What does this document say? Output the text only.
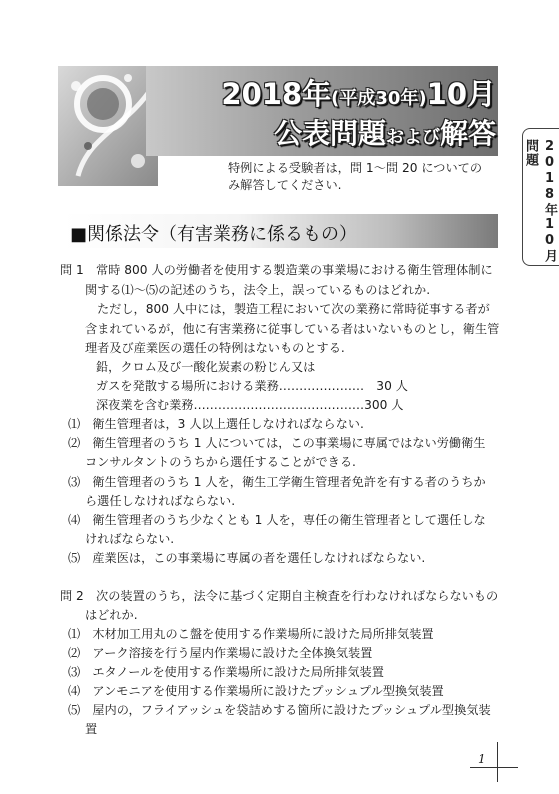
2018年(平成30年)10月
公表問題および解答
特例による受験者は，問 1～問 20 についての
み解答してください.	2018年10月問題
■関係法令（有害業務に係るもの）
問 1　常時 800 人の労働者を使用する製造業の事業場における衛生管理体制に
関する⑴～⑸の記述のうち，法令上，誤っているものはどれか.
ただし，800 人中には，製造工程において次の業務に常時従事する者が
含まれているが，他に有害業務に従事している者はいないものとし，衛生管
理者及び産業医の選任の特例はないものとする.
鉛，クロム及び一酸化炭素の粉じん又は
ガスを発散する場所における業務…………………　30 人
深夜業を含む業務……………………………………300 人
⑴　衛生管理者は，3 人以上選任しなければならない.
⑵　衛生管理者のうち 1 人については，この事業場に専属ではない労働衛生
コンサルタントのうちから選任することができる.
⑶　衛生管理者のうち 1 人を，衛生工学衛生管理者免許を有する者のうちか
ら選任しなければならない.
⑷　衛生管理者のうち少なくとも 1 人を，専任の衛生管理者として選任しな
ければならない.
⑸　産業医は，この事業場に専属の者を選任しなければならない.
問 2　次の装置のうち，法令に基づく定期自主検査を行わなければならないもの
はどれか.
⑴　木材加工用丸のこ盤を使用する作業場所に設けた局所排気装置
⑵　アーク溶接を行う屋内作業場に設けた全体換気装置
⑶　エタノールを使用する作業場所に設けた局所排気装置
⑷　アンモニアを使用する作業場所に設けたプッシュプル型換気装置
⑸　屋内の，フライアッシュを袋詰めする箇所に設けたプッシュプル型換気装
置
1
